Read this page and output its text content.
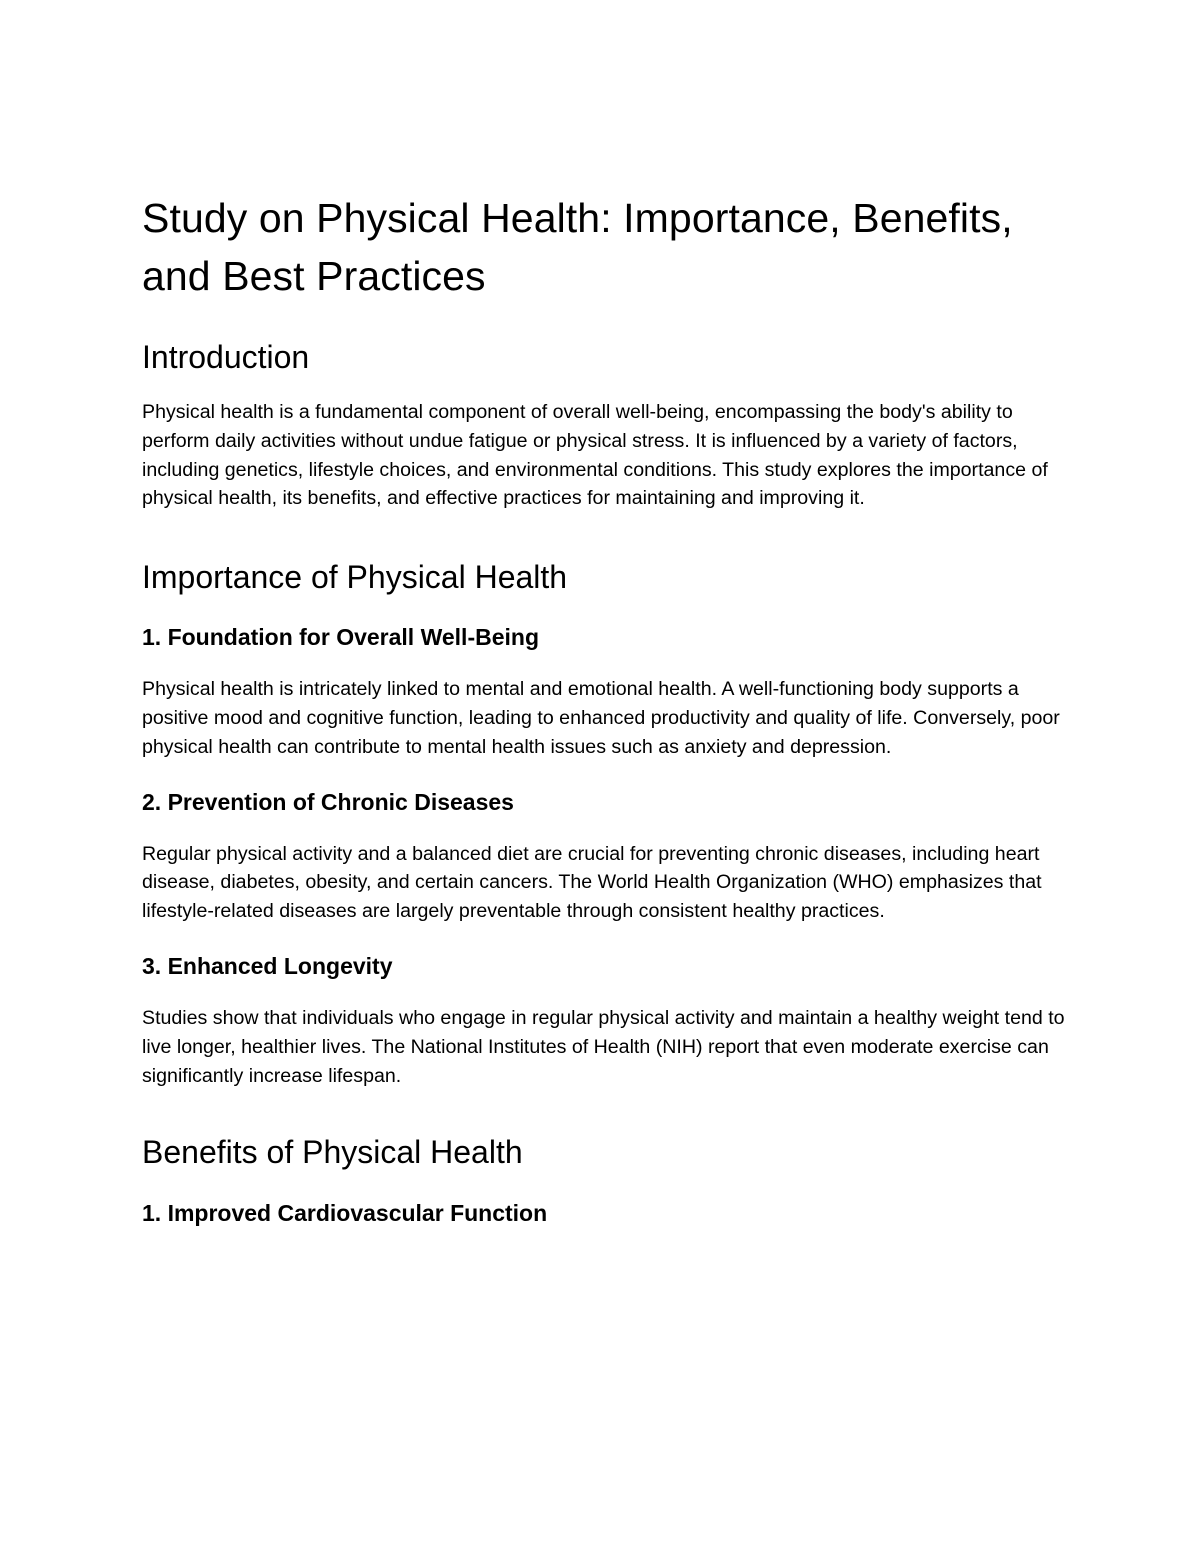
Study on Physical Health: Importance, Benefits, and Best Practices
Introduction

Physical health is a fundamental component of overall well-being, encompassing the body's ability to perform daily activities without undue fatigue or physical stress. It is influenced by a variety of factors, including genetics, lifestyle choices, and environmental conditions. This study explores the importance of physical health, its benefits, and effective practices for maintaining and improving it.

Importance of Physical Health
1. Foundation for Overall Well-Being

Physical health is intricately linked to mental and emotional health. A well-functioning body supports a positive mood and cognitive function, leading to enhanced productivity and quality of life. Conversely, poor physical health can contribute to mental health issues such as anxiety and depression.

2. Prevention of Chronic Diseases

Regular physical activity and a balanced diet are crucial for preventing chronic diseases, including heart disease, diabetes, obesity, and certain cancers. The World Health Organization (WHO) emphasizes that lifestyle-related diseases are largely preventable through consistent healthy practices.

3. Enhanced Longevity

Studies show that individuals who engage in regular physical activity and maintain a healthy weight tend to live longer, healthier lives. The National Institutes of Health (NIH) report that even moderate exercise can significantly increase lifespan.

Benefits of Physical Health
1. Improved Cardiovascular Function
